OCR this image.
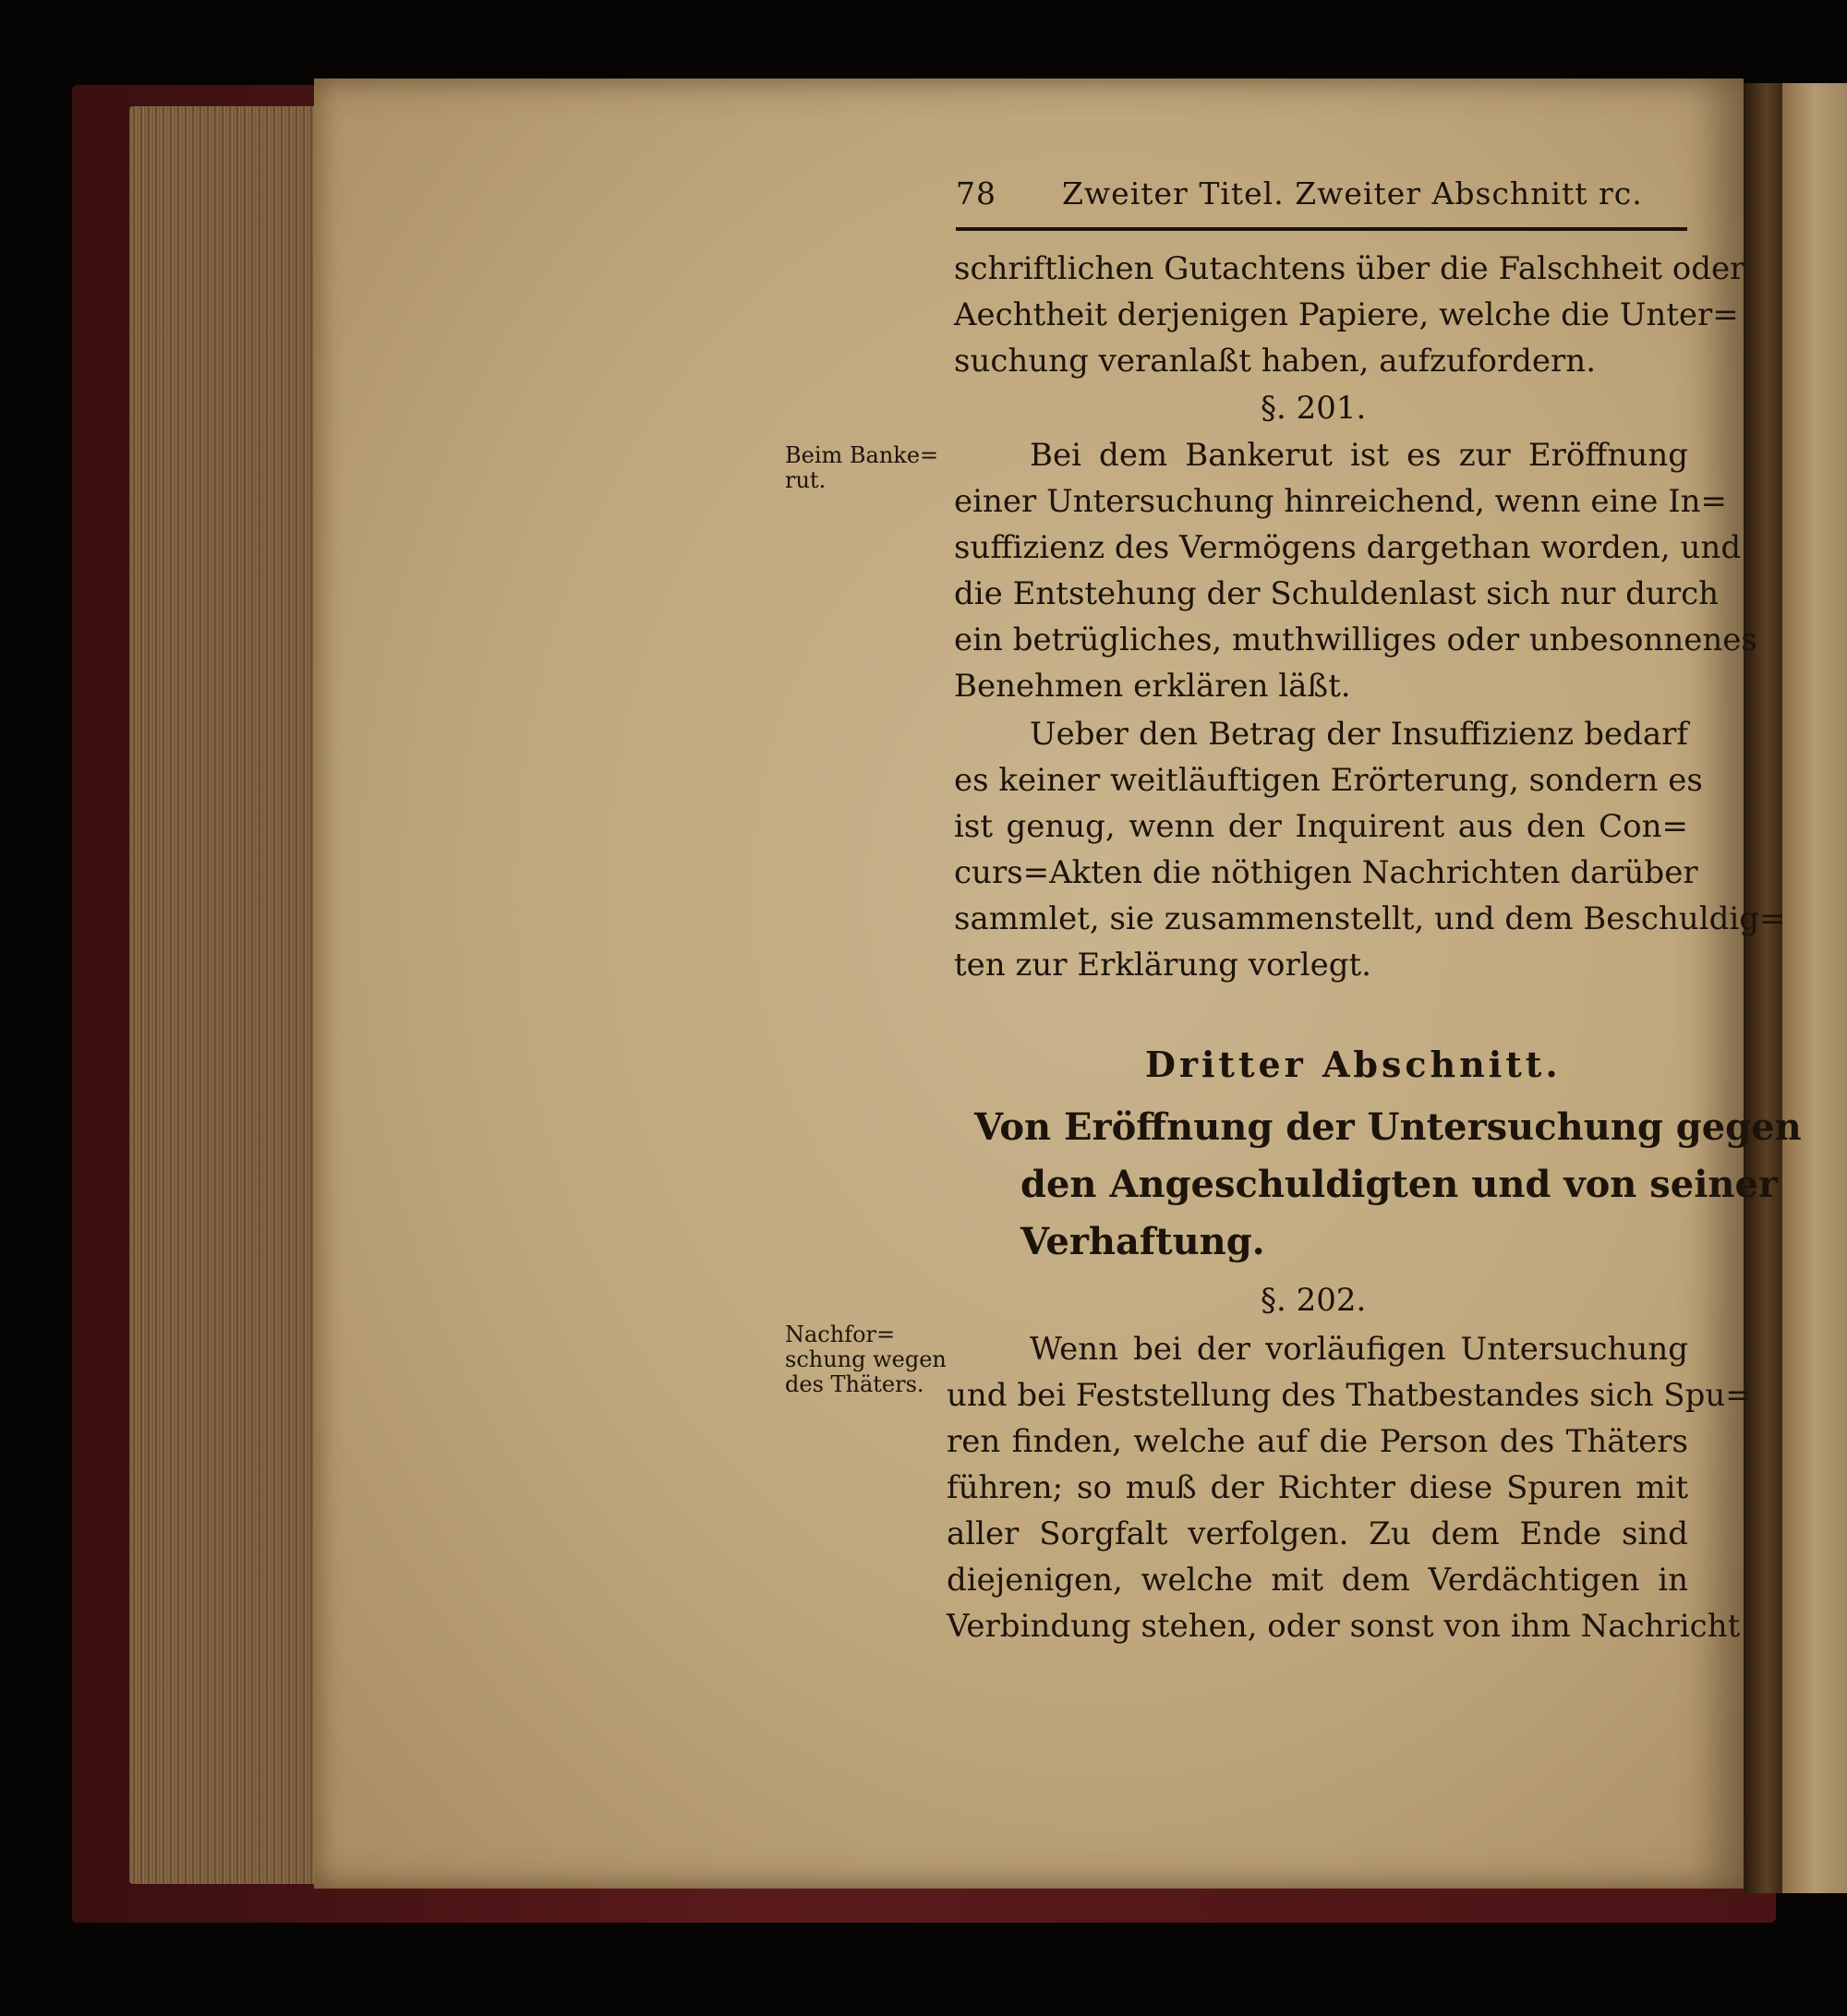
78 Zweiter Titel. Zweiter Abschnitt rc.
schriftlichen Gutachtens über die Falschheit oder
Aechtheit derjenigen Papiere, welche die Unter=
suchung veranlaßt haben, aufzufordern.
§. 201.
Beim Banke=
rut.
Bei dem Bankerut ist es zur Eröffnung
einer Untersuchung hinreichend, wenn eine In=
suffizienz des Vermögens dargethan worden, und
die Entstehung der Schuldenlast sich nur durch
ein betrügliches, muthwilliges oder unbesonnenes
Benehmen erklären läßt.
Ueber den Betrag der Insuffizienz bedarf
es keiner weitläuftigen Erörterung, sondern es
ist genug, wenn der Inquirent aus den Con=
curs=Akten die nöthigen Nachrichten darüber
sammlet, sie zusammenstellt, und dem Beschuldig=
ten zur Erklärung vorlegt.
Dritter Abschnitt.
Von Eröffnung der Untersuchung gegen
den Angeschuldigten und von seiner
Verhaftung.
§. 202.
Nachfor=
schung wegen
des Thäters.
Wenn bei der vorläufigen Untersuchung
und bei Feststellung des Thatbestandes sich Spu=
ren finden, welche auf die Person des Thäters
führen; so muß der Richter diese Spuren mit
aller Sorgfalt verfolgen. Zu dem Ende sind
diejenigen, welche mit dem Verdächtigen in
Verbindung stehen, oder sonst von ihm Nachricht
